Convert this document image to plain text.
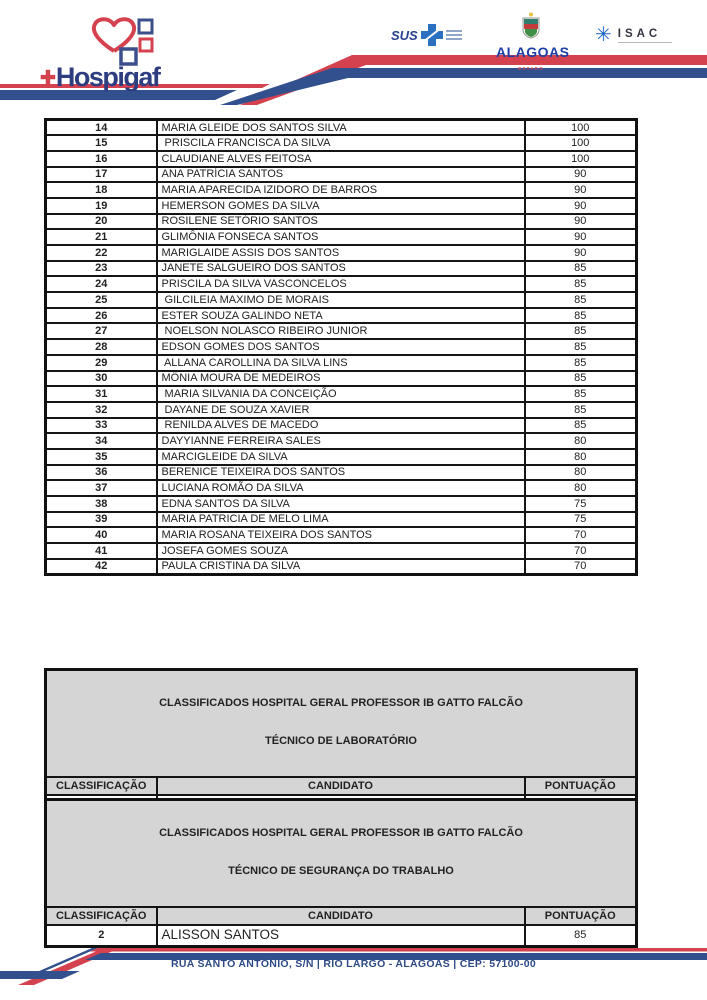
✚Hospigaf
SUS
ALAGOAS
GOVERNO DO ESTADO
✳ ISAC
14	MARIA GLEIDE DOS SANTOS SILVA	100
15	PRISCILA FRANCISCA DA SILVA	100
16	CLAUDIANE ALVES FEITOSA	100
17	ANA PATRÍCIA SANTOS	90
18	MARIA APARECIDA IZIDORO DE BARROS	90
19	HEMERSON GOMES DA SILVA	90
20	ROSILENE SETÓRIO SANTOS	90
21	GLIMÔNIA FONSECA SANTOS	90
22	MARIGLAIDE ASSIS DOS SANTOS	90
23	JANETE SALGUEIRO DOS SANTOS	85
24	PRISCILA DA SILVA VASCONCELOS	85
25	GILCILEIA MAXIMO DE MORAIS	85
26	ESTER SOUZA GALINDO NETA	85
27	NOELSON NOLASCO RIBEIRO JUNIOR	85
28	EDSON GOMES DOS SANTOS	85
29	ALLANA CAROLLINA DA SILVA LINS	85
30	MÔNIA MOURA DE MEDEIROS	85
31	MARIA SILVANIA DA CONCEIÇÃO	85
32	DAYANE DE SOUZA XAVIER	85
33	RENILDA ALVES DE MACEDO	85
34	DAYYIANNE FERREIRA SALES	80
35	MARCIGLEIDE DA SILVA	80
36	BERENICE TEIXEIRA DOS SANTOS	80
37	LUCIANA ROMÃO DA SILVA	80
38	EDNA SANTOS DA SILVA	75
39	MARIA PATRICIA DE MELO LIMA	75
40	MARIA ROSANA TEIXEIRA DOS SANTOS	70
41	JOSEFA GOMES SOUZA	70
42	PAULA CRISTINA DA SILVA	70

CLASSIFICADOS HOSPITAL GERAL PROFESSOR IB GATTO FALCÃO

TÉCNICO DE LABORATÓRIO		

CLASSIFICAÇÃO	CANDIDATO	PONTUAÇÃO

CLASSIFICADOS HOSPITAL GERAL PROFESSOR IB GATTO FALCÃO

TÉCNICO DE SEGURANÇA DO TRABALHO		

CLASSIFICAÇÃO	CANDIDATO	PONTUAÇÃO
2	ALISSON SANTOS	85
RUA SANTO ANTÔNIO, S/N | RIO LARGO - ALAGOAS | CEP: 57100-00
